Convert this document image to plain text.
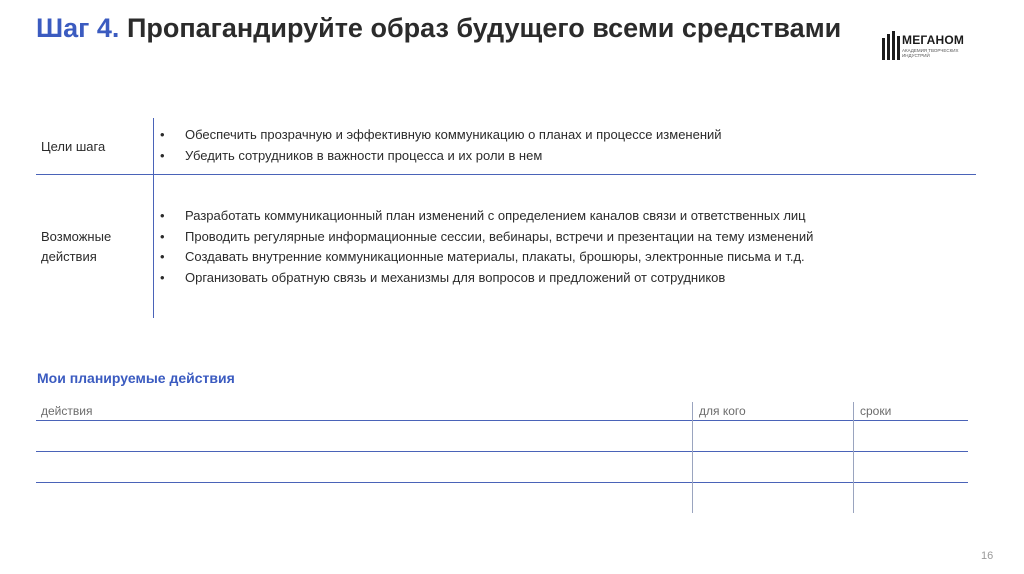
Шаг 4. Пропагандируйте образ будущего всеми средствами	МЕГАНОМ
АКАДЕМИЯ ТВОРЧЕСКИХ ИНДУСТРИЙ
Цели шага
• Обеспечить прозрачную и эффективную коммуникацию о планах и процессе изменений
• Убедить сотрудников в важности процесса и их роли в нем
Возможные
действия
• Разработать коммуникационный план изменений с определением каналов связи и ответственных лиц
• Проводить регулярные информационные сессии, вебинары, встречи и презентации на тему изменений
• Создавать внутренние коммуникационные материалы, плакаты, брошюры, электронные письма и т.д.
• Организовать обратную связь и механизмы для вопросов и предложений от сотрудников
Мои планируемые действия
действия	для кого	сроки
16
